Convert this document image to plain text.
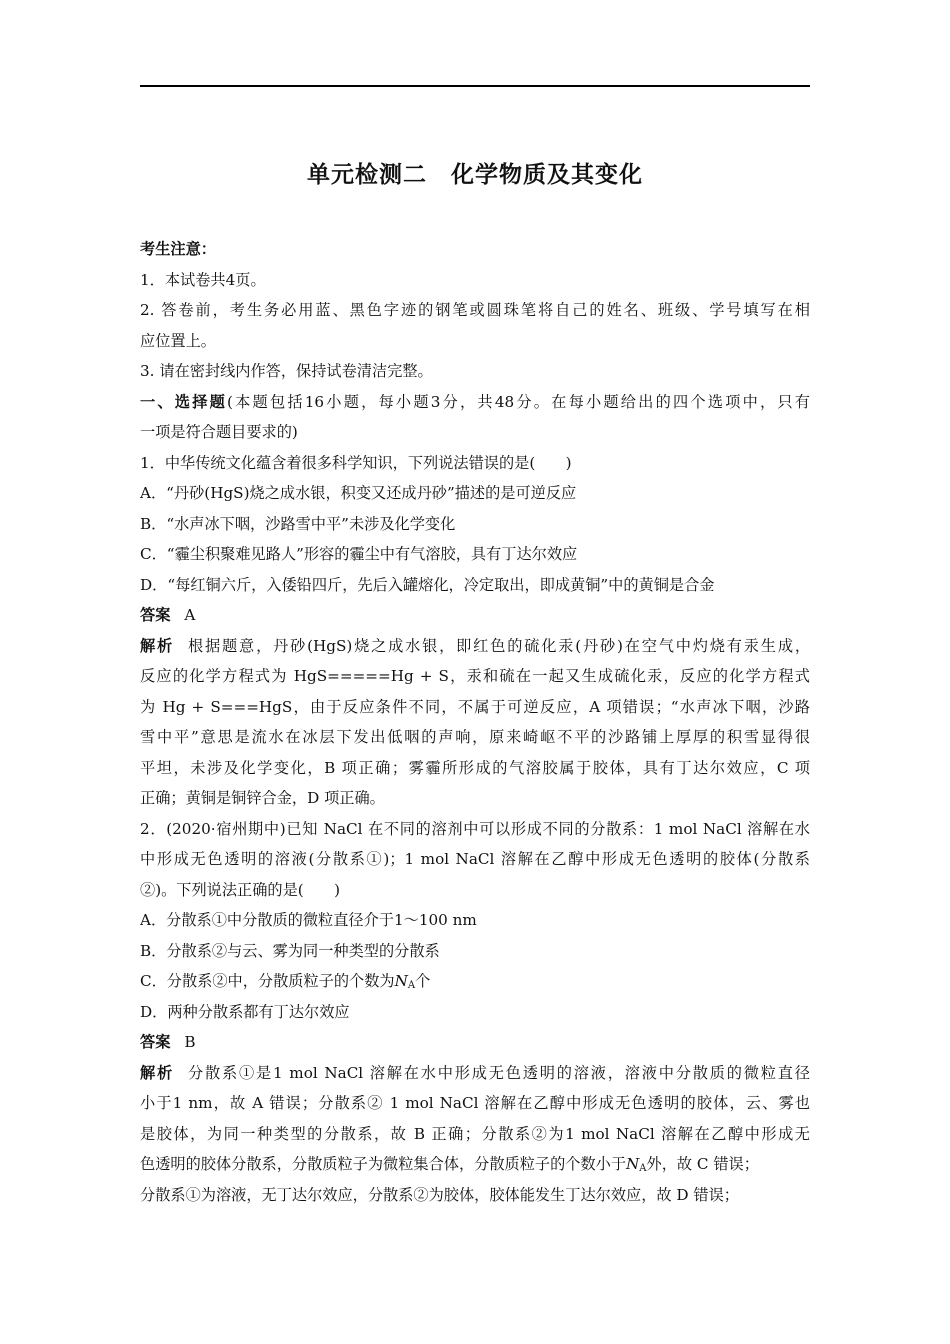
单元检测二　化学物质及其变化
考生注意：
1．本试卷共4页。
2. 答卷前，考生务必用蓝、黑色字迹的钢笔或圆珠笔将自己的姓名、班级、学号填写在相
应位置上。
3. 请在密封线内作答，保持试卷清洁完整。
一、选择题(本题包括16小题，每小题3分，共48分。在每小题给出的四个选项中，只有
一项是符合题目要求的)
1．中华传统文化蕴含着很多科学知识，下列说法错误的是(　　)
A．“丹砂(HgS)烧之成水银，积变又还成丹砂”描述的是可逆反应
B．“水声冰下咽，沙路雪中平”未涉及化学变化
C．“霾尘积聚难见路人”形容的霾尘中有气溶胶，具有丁达尔效应
D．“每红铜六斤，入倭铅四斤，先后入罐熔化，冷定取出，即成黄铜”中的黄铜是合金
答案 A
解析 根据题意，丹砂(HgS)烧之成水银，即红色的硫化汞(丹砂)在空气中灼烧有汞生成，
反应的化学方程式为 HgS=====Hg + S，汞和硫在一起又生成硫化汞，反应的化学方程式
为 Hg + S===HgS，由于反应条件不同，不属于可逆反应，A 项错误；“水声冰下咽，沙路
雪中平”意思是流水在冰层下发出低咽的声响，原来崎岖不平的沙路铺上厚厚的积雪显得很
平坦，未涉及化学变化，B 项正确；雾霾所形成的气溶胶属于胶体，具有丁达尔效应，C 项
正确；黄铜是铜锌合金，D 项正确。
2．(2020·宿州期中)已知 NaCl 在不同的溶剂中可以形成不同的分散系：1 mol NaCl 溶解在水
中形成无色透明的溶液(分散系①)；1 mol NaCl 溶解在乙醇中形成无色透明的胶体(分散系
②)。下列说法正确的是(　　)
A．分散系①中分散质的微粒直径介于1～100 nm
B．分散系②与云、雾为同一种类型的分散系
C．分散系②中，分散质粒子的个数为$N_A$个
D．两种分散系都有丁达尔效应
答案 B
解析 分散系①是1 mol NaCl 溶解在水中形成无色透明的溶液，溶液中分散质的微粒直径
小于1 nm，故 A 错误；分散系② 1 mol NaCl 溶解在乙醇中形成无色透明的胶体，云、雾也
是胶体，为同一种类型的分散系，故 B 正确；分散系②为1 mol NaCl 溶解在乙醇中形成无
色透明的胶体分散系，分散质粒子为微粒集合体，分散质粒子的个数小于$N_A$外，故 C 错误；
分散系①为溶液，无丁达尔效应，分散系②为胶体，胶体能发生丁达尔效应，故 D 错误；
